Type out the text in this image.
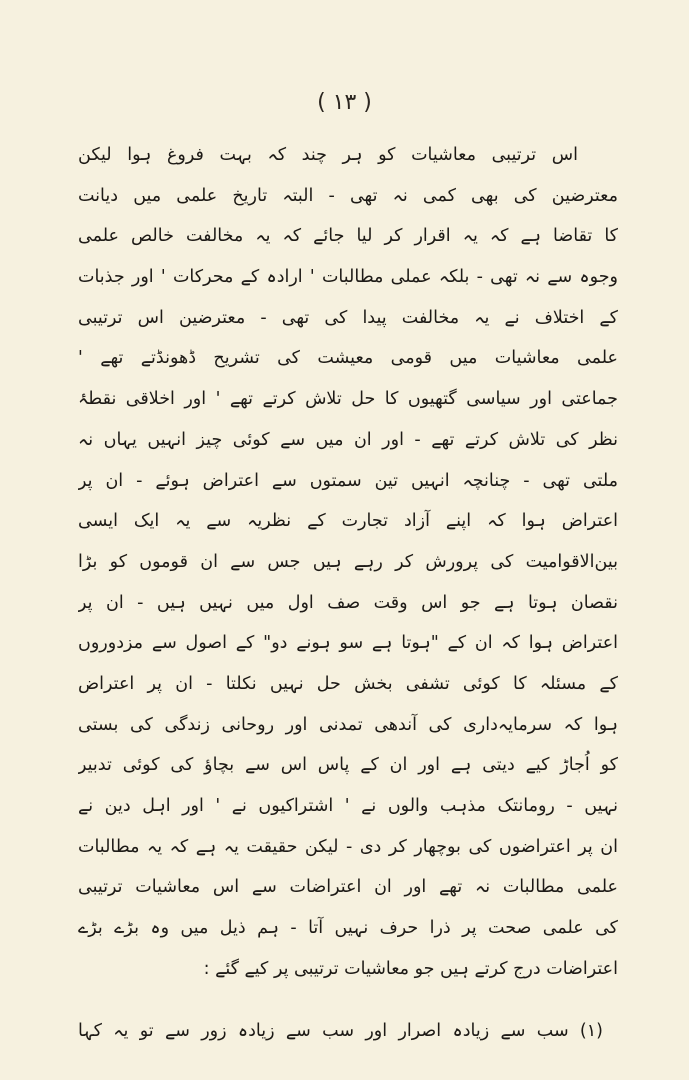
( ۱۳ )
اس ترتیبی معاشیات کو ہر چند کہ بہت فروغ ہوا لیکن
معترضین کی بھی کمی نہ تھی - البتہ تاریخ علمی میں دیانت
کا تقاضا ہے کہ یہ اقرار کر لیا جائے کہ یہ مخالفت خالص علمی
وجوہ سے نہ تھی - بلکہ عملی مطالبات ' ارادہ کے محرکات ' اور جذبات
کے اختلاف نے یہ مخالفت پیدا کی تھی - معترضین اس ترتیبی
علمی معاشیات میں قومی معیشت کی تشریح ڈھونڈتے تھے '
جماعتی اور سیاسی گتھیوں کا حل تلاش کرتے تھے ' اور اخلاقی نقطۂ
نظر کی تلاش کرتے تھے - اور ان میں سے کوئی چیز انہیں یہاں نہ
ملتی تھی - چنانچہ انہیں تین سمتوں سے اعتراض ہوئے - ان پر
اعتراض ہوا کہ اپنے آزاد تجارت کے نظریہ سے یہ ایک ایسی
بین‌الاقوامیت کی پرورش کر رہے ہیں جس سے ان قوموں کو بڑا
نقصان ہوتا ہے جو اس وقت صف اول میں نہیں ہیں - ان پر
اعتراض ہوا کہ ان کے "ہوتا ہے سو ہونے دو" کے اصول سے مزدوروں
کے مسئلہ کا کوئی تشفی بخش حل نہیں نکلتا - ان پر اعتراض
ہوا کہ سرمایہ‌داری کی آندھی تمدنی اور روحانی زندگی کی بستی
کو اُجاڑ کیے دیتی ہے اور ان کے پاس اس سے بچاؤ کی کوئی تدبیر
نہیں - رومانتک مذہب والوں نے ' اشتراکیوں نے ' اور اہل دین نے
ان پر اعتراضوں کی بوچھار کر دی - لیکن حقیقت یہ ہے کہ یہ مطالبات
علمی مطالبات نہ تھے اور ان اعتراضات سے اس معاشیات ترتیبی
کی علمی صحت پر ذرا حرف نہیں آتا - ہم ذیل میں وہ بڑے بڑے
اعتراضات درج کرتے ہیں جو معاشیات ترتیبی پر کیے گئے :
(۱) سب سے زیادہ اصرار اور سب سے زیادہ زور سے تو یہ کہا
